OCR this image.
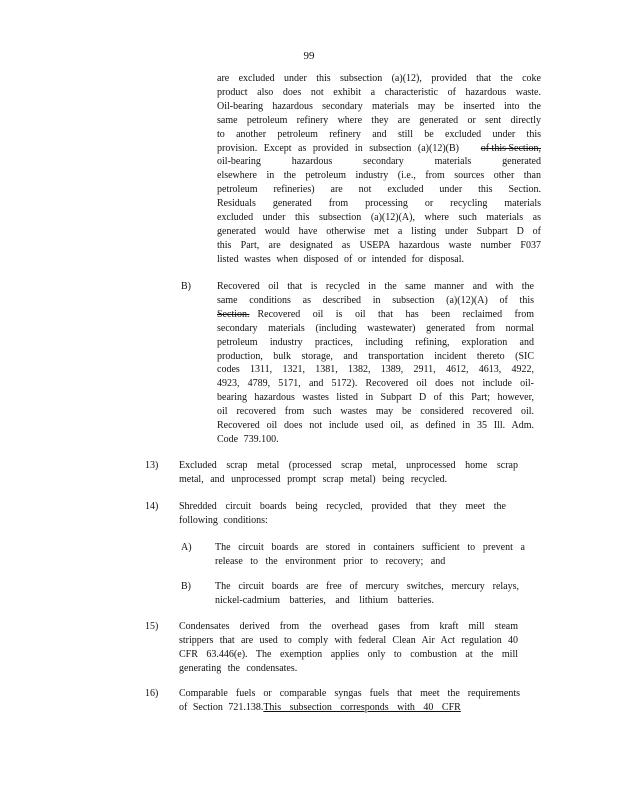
99
are excluded under this subsection (a)(12), provided that the coke
product also does not exhibit a characteristic of hazardous waste.
Oil-bearing hazardous secondary materials may be inserted into the
same petroleum refinery where they are generated or sent directly
to another petroleum refinery and still be excluded under this
provision. Except as provided in subsection (a)(12)(B) of this Section,
oil-bearing hazardous secondary materials generated
elsewhere in the petroleum industry (i.e., from sources other than
petroleum refineries) are not excluded under this Section.
Residuals generated from processing or recycling materials
excluded under this subsection (a)(12)(A), where such materials as
generated would have otherwise met a listing under Subpart D of
this Part, are designated as USEPA hazardous waste number F037
listed wastes when disposed of or intended for disposal.
B)	Recovered oil that is recycled in the same manner and with the
same conditions as described in subsection (a)(12)(A) of this
Section. Recovered oil is oil that has been reclaimed from
secondary materials (including wastewater) generated from normal
petroleum industry practices, including refining, exploration and
production, bulk storage, and transportation incident thereto (SIC
codes 1311, 1321, 1381, 1382, 1389, 2911, 4612, 4613, 4922,
4923, 4789, 5171, and 5172). Recovered oil does not include oil-
bearing hazardous wastes listed in Subpart D of this Part; however,
oil recovered from such wastes may be considered recovered oil.
Recovered oil does not include used oil, as defined in 35 Ill. Adm.
Code 739.100.
13) Excluded scrap metal (processed scrap metal, unprocessed home scrap
metal, and unprocessed prompt scrap metal) being recycled.
14) Shredded circuit boards being recycled, provided that they meet the
following conditions:
A) The circuit boards are stored in containers sufficient to prevent a
release to the environment prior to recovery; and
B) The circuit boards are free of mercury switches, mercury relays,
nickel-cadmium batteries, and lithium batteries.
15) Condensates derived from the overhead gases from kraft mill steam
strippers that are used to comply with federal Clean Air Act regulation 40
CFR 63.446(e). The exemption applies only to combustion at the mill
generating the condensates.
16) Comparable fuels or comparable syngas fuels that meet the requirements
of Section 721.138.This subsection corresponds with 40 CFR
